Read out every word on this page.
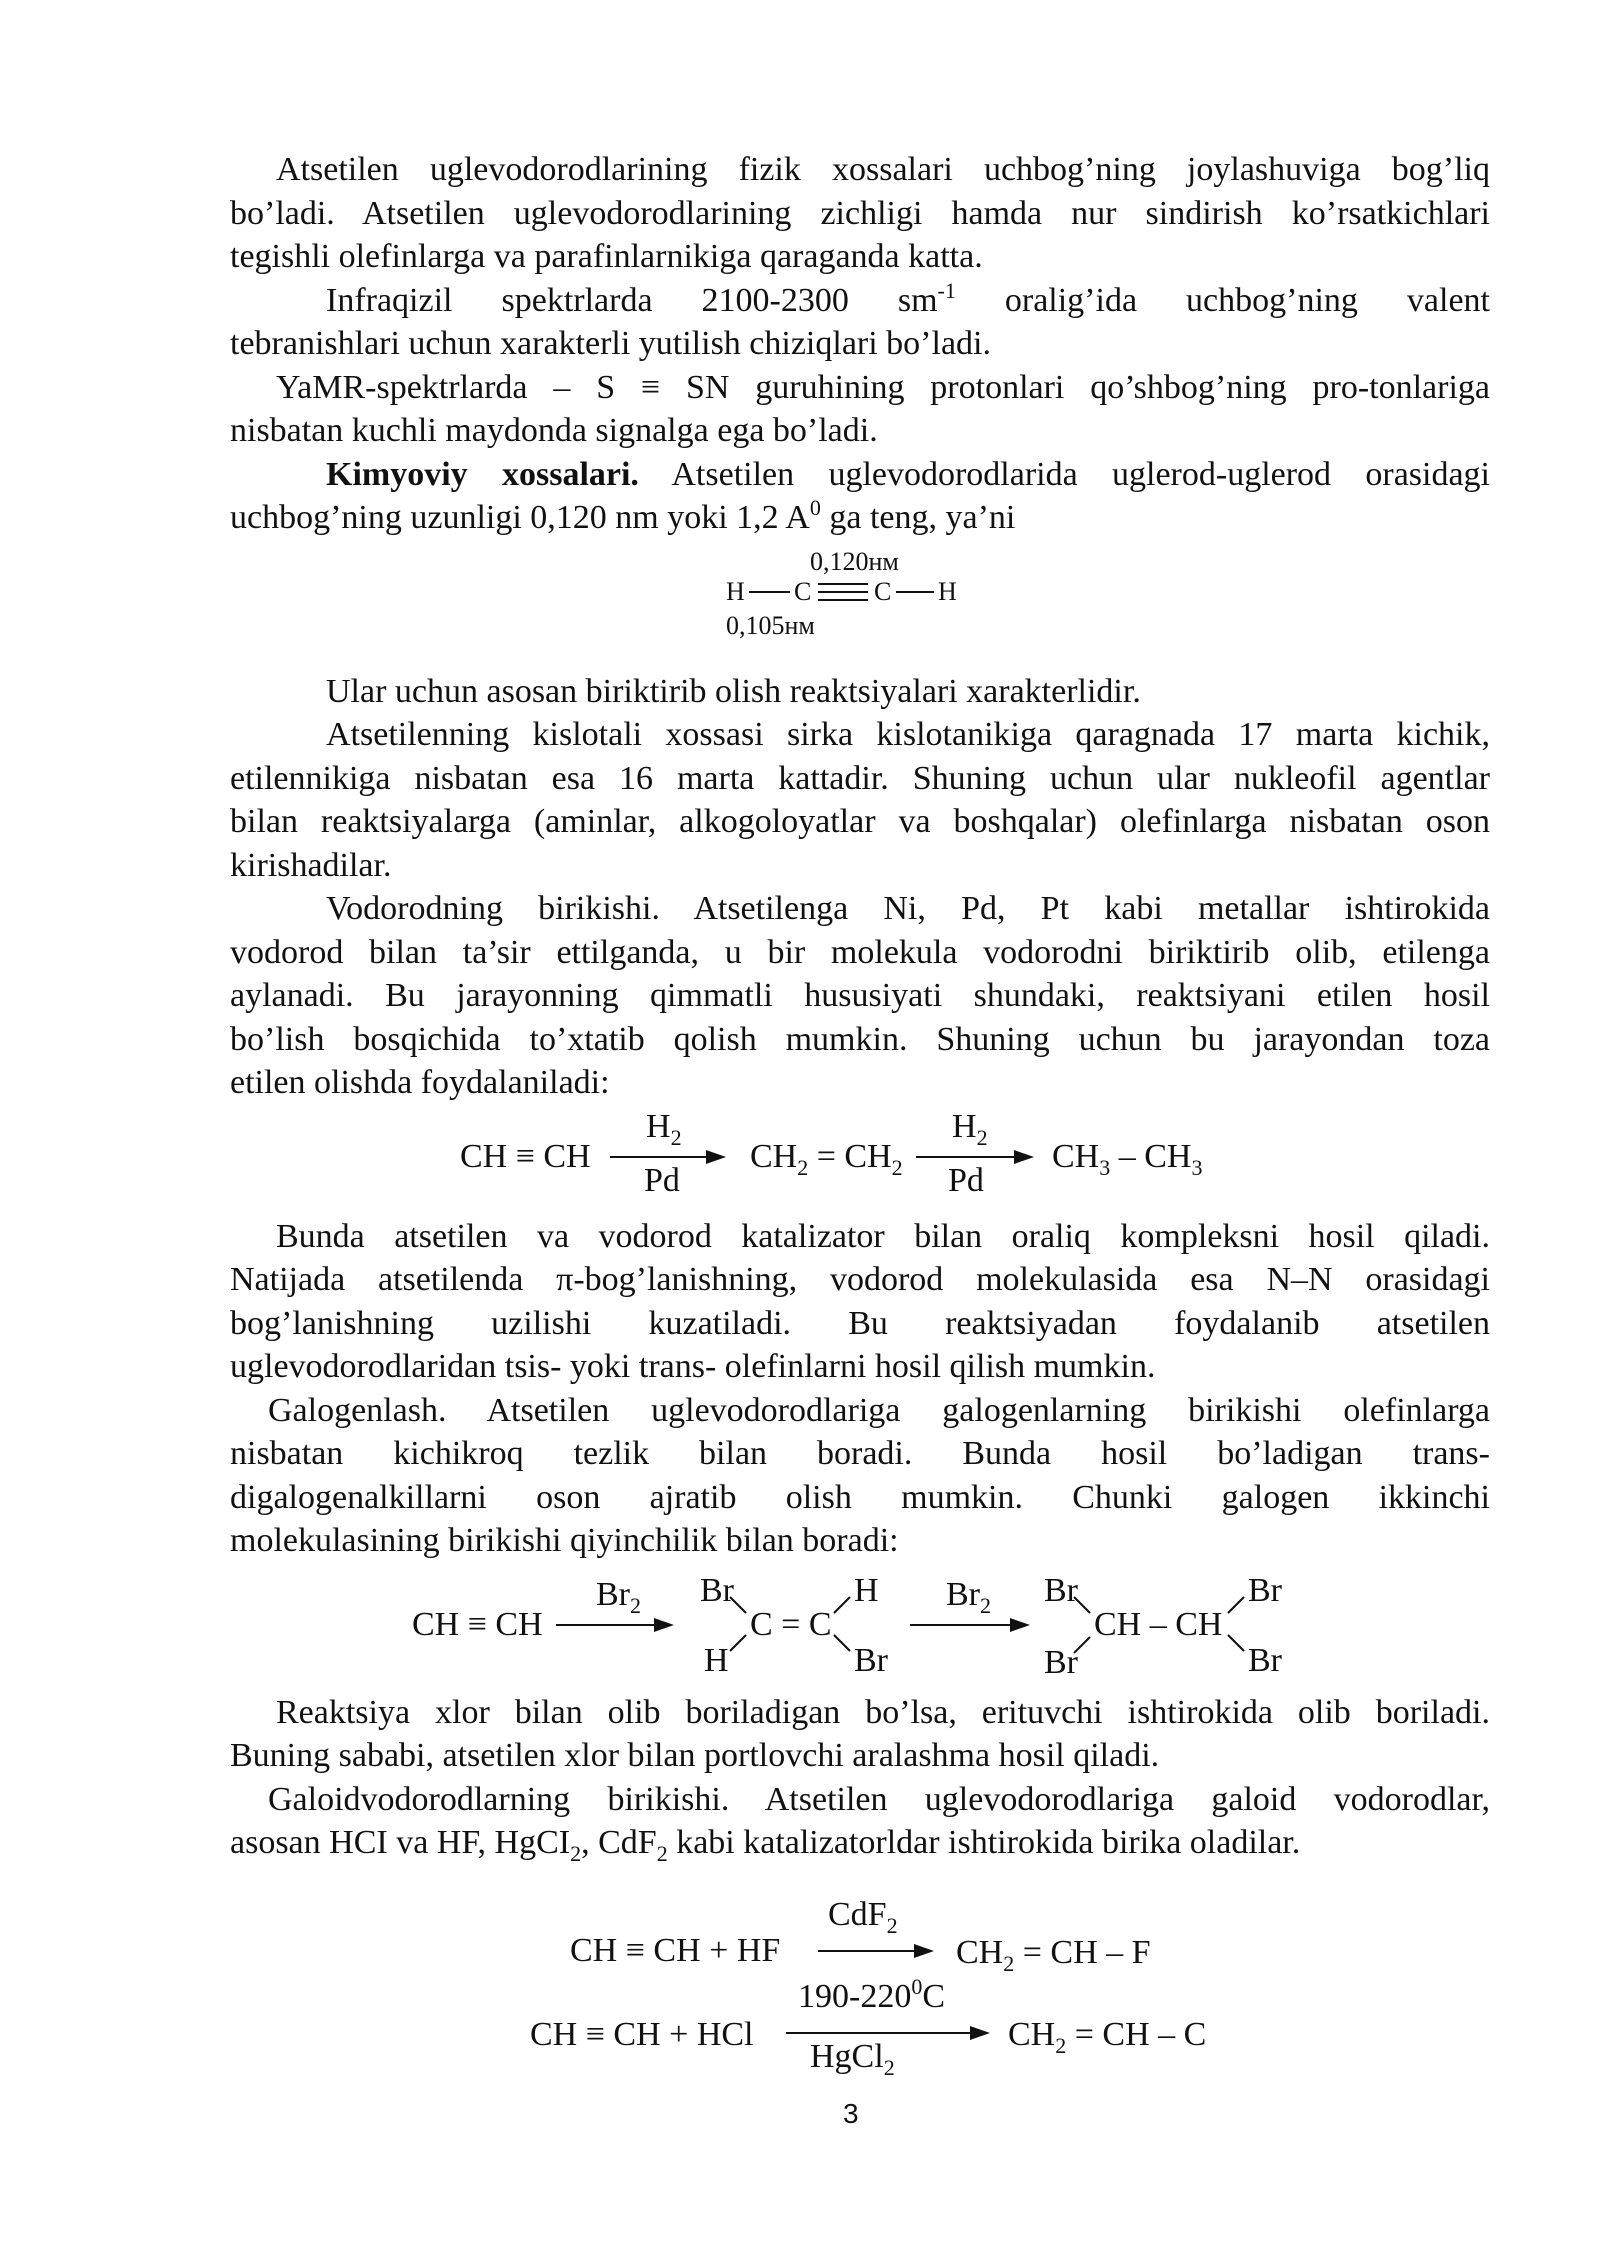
Atsetilen uglevodorodlarining fizik xossalari uchbog’ning joylashuviga bog’liq
bo’ladi. Atsetilen uglevodorodlarining zichligi hamda nur sindirish ko’rsatkichlari
tegishli olefinlarga va parafinlarnikiga qaraganda katta.
Infraqizil spektrlarda 2100-2300 $sm^{-1}$ oralig’ida uchbog’ning valent
tebranishlari uchun xarakterli yutilish chiziqlari bo’ladi.
YaMR-spektrlarda – S ≡ SN guruhining protonlari qo’shbog’ning pro-tonlariga
nisbatan kuchli maydonda signalga ega bo’ladi.
Kimyoviy xossalari. Atsetilen uglevodorodlarida uglerod-uglerod orasidagi
uchbog’ning uzunligi 0,120 nm yoki 1,2 $A^0$ ga teng, ya’ni
0,120нм
H C C H
0,105нм
Ular uchun asosan biriktirib olish reaktsiyalari xarakterlidir.
Atsetilenning kislotali xossasi sirka kislotanikiga qaragnada 17 marta kichik,
etilennikiga nisbatan esa 16 marta kattadir. Shuning uchun ular nukleofil agentlar
bilan reaktsiyalarga (aminlar, alkogoloyatlar va boshqalar) olefinlarga nisbatan oson
kirishadilar.
Vodorodning birikishi. Atsetilenga Ni, Pd, Pt kabi metallar ishtirokida
vodorod bilan ta’sir ettilganda, u bir molekula vodorodni biriktirib olib, etilenga
aylanadi. Bu jarayonning qimmatli hususiyati shundaki, reaktsiyani etilen hosil
bo’lish bosqichida to’xtatib qolish mumkin. Shuning uchun bu jarayondan toza
etilen olishda foydalaniladi:
CH ≡ CH
$H_2$
Pd
$CH_2 = CH_2$
$H_2$
Pd
$CH_3 - CH_3$
Bunda atsetilen va vodorod katalizator bilan oraliq kompleksni hosil qiladi.
Natijada atsetilenda π-bog’lanishning, vodorod molekulasida esa N–N orasidagi
bog’lanishning uzilishi kuzatiladi. Bu reaktsiyadan foydalanib atsetilen
uglevodorodlaridan tsis- yoki trans- olefinlarni hosil qilish mumkin.
Galogenlash. Atsetilen uglevodorodlariga galogenlarning birikishi olefinlarga
nisbatan kichikroq tezlik bilan boradi. Bunda hosil bo’ladigan trans-
digalogenalkillarni oson ajratib olish mumkin. Chunki galogen ikkinchi
molekulasining birikishi qiyinchilik bilan boradi:
CH ≡ CH
$Br_2$ Br	H
C = C
H	Br
$Br_2$ Br	Br
CH – CH
Br	Br
Reaktsiya xlor bilan olib boriladigan bo’lsa, erituvchi ishtirokida olib boriladi.
Buning sababi, atsetilen xlor bilan portlovchi aralashma hosil qiladi.
Galoidvodorodlarning birikishi. Atsetilen uglevodorodlariga galoid vodorodlar,
asosan HCI va HF, HgCI$_2$, CdF$_2$ kabi katalizatorldar ishtirokida birika oladilar.
CH ≡ CH + HF
CdF$_2$
$CH_2$ = CH – F
CH ≡ CH + HCl
$190-220^0C$
HgCl$_2$
$CH_2$ = CH – C
3
